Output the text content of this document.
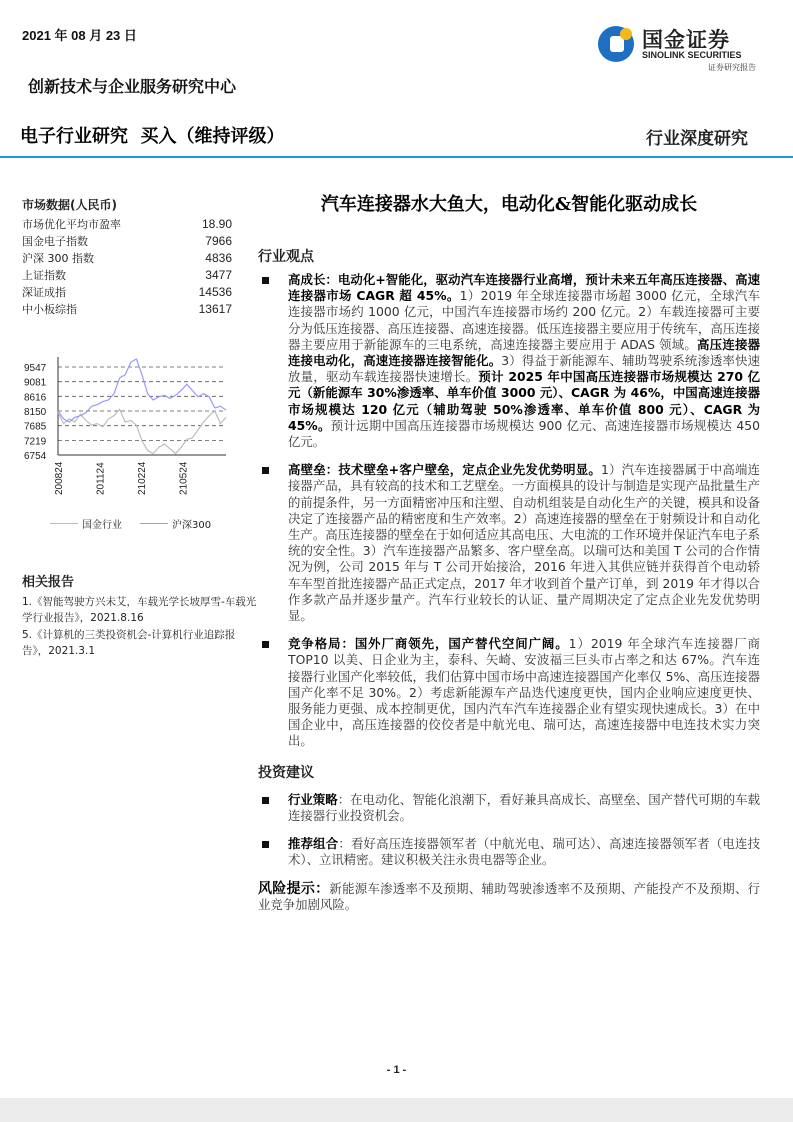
2021 年 08 月 23 日
创新技术与企业服务研究中心
电子行业研究 买入（维持评级）	行业深度研究
国金证券
SINOLINK SECURITIES
证券研究报告
市场数据(人民币)
市场优化平均市盈率	18.90
国金电子指数	7966
沪深 300 指数	4836
上证指数	3477
深证成指	14536
中小板综指	13617
9547
9081
8616
8150
7685
7219
6754
200824	201124	210224	210524
国金行业	沪深300
相关报告

1.《智能驾驶方兴未艾，车载光学长坡厚雪-车载光学行业报告》，2021.8.16

5.《计算机的三类投资机会-计算机行业追踪报告》，2021.3.1

汽车连接器水大鱼大，电动化&智能化驱动成长
行业观点
高成长：电动化+智能化，驱动汽车连接器行业高增，预计未来五年高压连接器、高速连接器市场 CAGR 超 45%。1）2019 年全球连接器市场超 3000 亿元，全球汽车连接器市场约 1000 亿元，中国汽车连接器市场约 200 亿元。2）车载连接器可主要分为低压连接器、高压连接器、高速连接器。低压连接器主要应用于传统车，高压连接器主要应用于新能源车的三电系统，高速连接器主要应用于 ADAS 领域。高压连接器连接电动化，高速连接器连接智能化。3）得益于新能源车、辅助驾驶系统渗透率快速放量，驱动车载连接器快速增长。预计 2025 年中国高压连接器市场规模达 270 亿元（新能源车 30%渗透率、单车价值 3000 元）、CAGR 为 46%，中国高速连接器市场规模达 120 亿元（辅助驾驶 50%渗透率、单车价值 800 元）、CAGR 为 45%。预计远期中国高压连接器市场规模达 900 亿元、高速连接器市场规模达 450 亿元。
高壁垒：技术壁垒+客户壁垒，定点企业先发优势明显。1）汽车连接器属于中高端连接器产品，具有较高的技术和工艺壁垒。一方面模具的设计与制造是实现产品批量生产的前提条件，另一方面精密冲压和注塑、自动机组装是自动化生产的关键，模具和设备决定了连接器产品的精密度和生产效率。2）高速连接器的壁垒在于射频设计和自动化生产。高压连接器的壁垒在于如何适应其高电压、大电流的工作环境并保证汽车电子系统的安全性。3）汽车连接器产品繁多、客户壁垒高。以瑞可达和美国 T 公司的合作情况为例，公司 2015 年与 T 公司开始接洽，2016 年进入其供应链并获得首个电动轿车车型首批连接器产品正式定点，2017 年才收到首个量产订单，到 2019 年才得以合作多款产品并逐步量产。汽车行业较长的认证、量产周期决定了定点企业先发优势明显。
竞争格局：国外厂商领先，国产替代空间广阔。1）2019 年全球汽车连接器厂商 TOP10 以美、日企业为主，泰科、矢崎、安波福三巨头市占率之和达 67%。汽车连接器行业国产化率较低，我们估算中国市场中高速连接器国产化率仅 5%、高压连接器国产化率不足 30%。2）考虑新能源车产品迭代速度更快，国内企业响应速度更快、服务能力更强、成本控制更优，国内汽车汽车连接器企业有望实现快速成长。3）在中国企业中，高压连接器的佼佼者是中航光电、瑞可达，高速连接器中电连技术实力突出。
投资建议
行业策略：在电动化、智能化浪潮下，看好兼具高成长、高壁垒、国产替代可期的车载连接器行业投资机会。
推荐组合：看好高压连接器领军者（中航光电、瑞可达）、高速连接器领军者（电连技术）、立讯精密。建议积极关注永贵电器等企业。
风险提示：新能源车渗透率不及预期、辅助驾驶渗透率不及预期、产能投产不及预期、行业竞争加剧风险。
- 1 -
